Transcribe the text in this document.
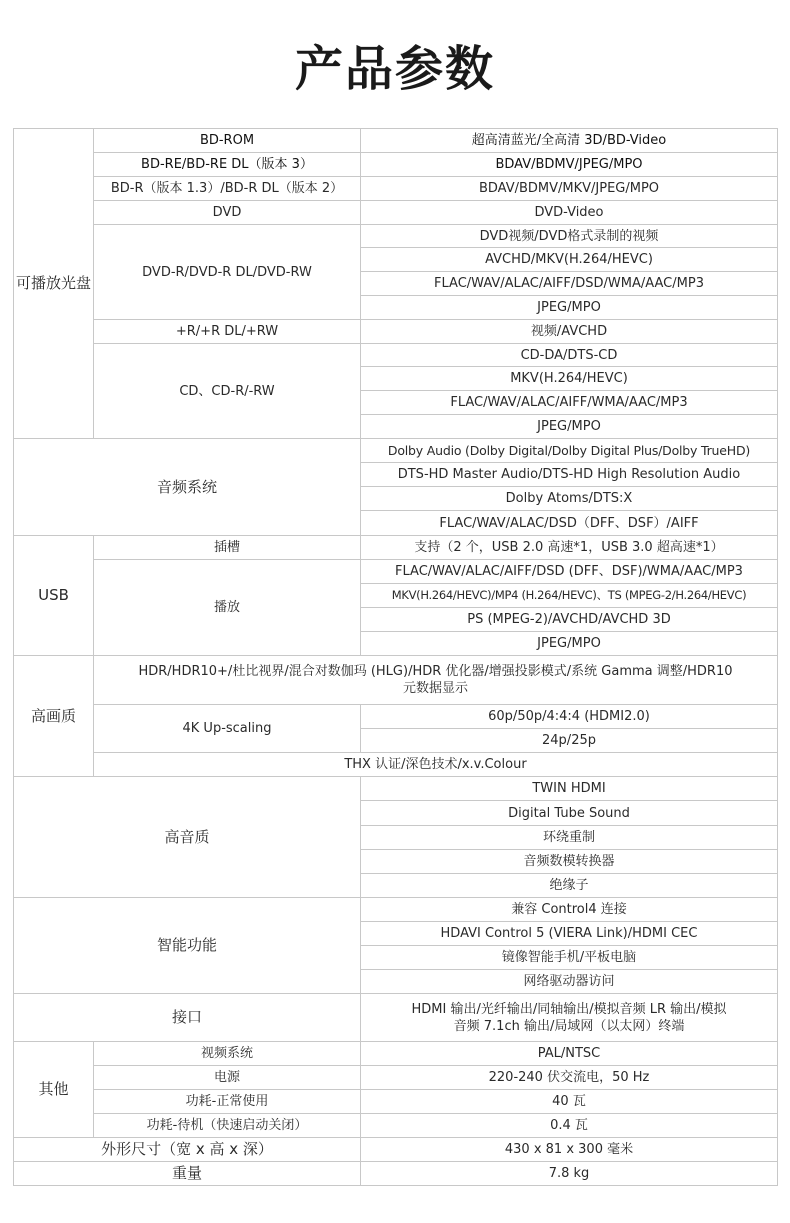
产品参数
可播放光盘	BD-ROM	超高清蓝光/全高清 3D/BD-Video
	BD-RE/BD-RE DL（版本 3）	BDAV/BDMV/JPEG/MPO
	BD-R（版本 1.3）/BD-R DL（版本 2）	BDAV/BDMV/MKV/JPEG/MPO
	DVD	DVD-Video
	DVD-R/DVD-R DL/DVD-RW	DVD视频/DVD格式录制的视频
		AVCHD/MKV(H.264/HEVC)
		FLAC/WAV/ALAC/AIFF/DSD/WMA/AAC/MP3
		JPEG/MPO
	+R/+R DL/+RW	视频/AVCHD
	CD、CD-R/-RW	CD-DA/DTS-CD
		MKV(H.264/HEVC)
		FLAC/WAV/ALAC/AIFF/WMA/AAC/MP3
		JPEG/MPO
音频系统		Dolby Audio (Dolby Digital/Dolby Digital Plus/Dolby TrueHD)
		DTS-HD Master Audio/DTS-HD High Resolution Audio
		Dolby Atoms/DTS:X
		FLAC/WAV/ALAC/DSD（DFF、DSF）/AIFF
USB	插槽	支持（2 个，USB 2.0 高速*1，USB 3.0 超高速*1）
	播放	FLAC/WAV/ALAC/AIFF/DSD (DFF、DSF)/WMA/AAC/MP3
		MKV(H.264/HEVC)/MP4 (H.264/HEVC)、TS (MPEG-2/H.264/HEVC)
		PS (MPEG-2)/AVCHD/AVCHD 3D
		JPEG/MPO
高画质	HDR/HDR10+/杜比视界/混合对数伽玛 (HLG)/HDR 优化器/增强投影模式/系统 Gamma 调整/HDR10 元数据显示	
	4K Up-scaling	60p/50p/4:4:4 (HDMI2.0)
		24p/25p
	THX 认证/深色技术/x.v.Colour	
高音质		TWIN HDMI
		Digital Tube Sound
		环绕重制
		音频数模转换器
		绝缘子
智能功能		兼容 Control4 连接
		HDAVI Control 5 (VIERA Link)/HDMI CEC
		镜像智能手机/平板电脑
		网络驱动器访问
接口		HDMI 输出/光纤输出/同轴输出/模拟音频 LR 输出/模拟音频 7.1ch 输出/局域网（以太网）终端
其他	视频系统	PAL/NTSC
	电源	220-240 伏交流电，50 Hz
	功耗-正常使用	40 瓦
	功耗-待机（快速启动关闭）	0.4 瓦
外形尺寸（宽 x 高 x 深）		430 x 81 x 300 毫米
重量		7.8 kg
